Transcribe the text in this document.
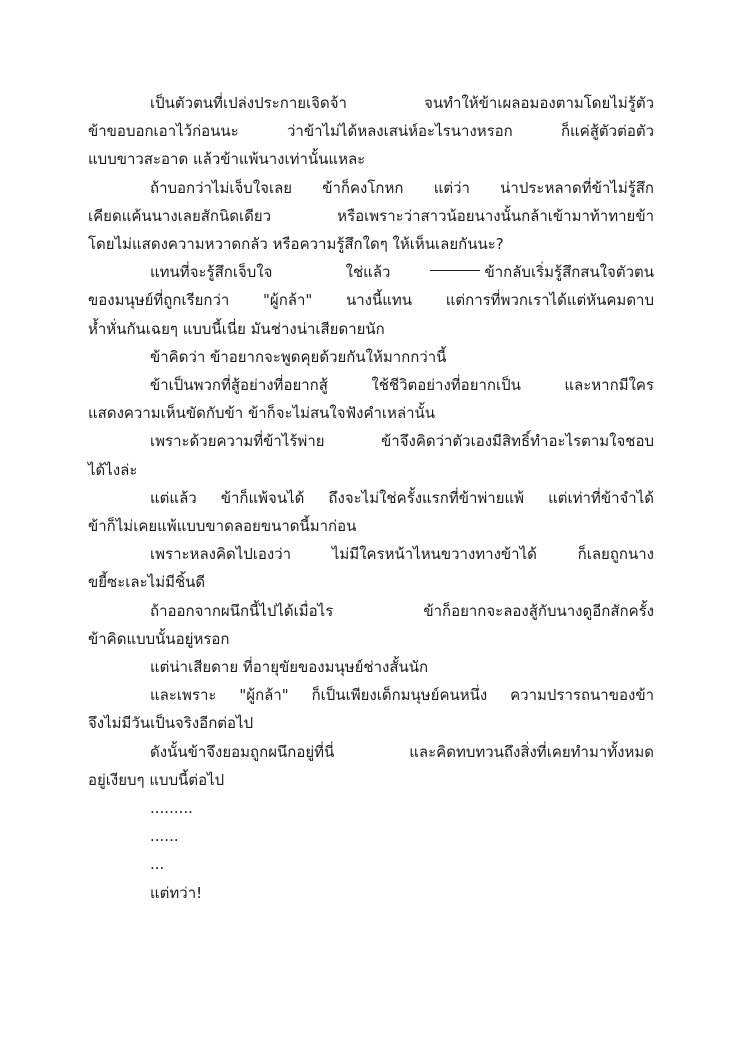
เป็นตัวตนที่เปล่งประกายเจิดจ้า จนทำให้ข้าเผลอมองตามโดยไม่รู้ตัว
ข้าขอบอกเอาไว้ก่อนนะ ว่าข้าไม่ได้หลงเสน่ห์อะไรนางหรอก ก็แค่สู้ตัวต่อตัว
แบบขาวสะอาด แล้วข้าแพ้นางเท่านั้นแหละ

ถ้าบอกว่าไม่เจ็บใจเลย ข้าก็คงโกหก แต่ว่า น่าประหลาดที่ข้าไม่รู้สึก
เคียดแค้นนางเลยสักนิดเดียว หรือเพราะว่าสาวน้อยนางนั้นกล้าเข้ามาท้าทายข้า
โดยไม่แสดงความหวาดกลัว หรือความรู้สึกใดๆ ให้เห็นเลยกันนะ?

แทนที่จะรู้สึกเจ็บใจ ใช่แล้ว	ข้ากลับเริ่มรู้สึกสนใจตัวตน
ของมนุษย์ที่ถูกเรียกว่า "ผู้กล้า" นางนี้แทน แต่การที่พวกเราได้แต่หันคมดาบ
ห้ำหั่นกันเฉยๆ แบบนี้เนี่ย มันช่างน่าเสียดายนัก

ข้าคิดว่า ข้าอยากจะพูดคุยด้วยกันให้มากกว่านี้

ข้าเป็นพวกที่สู้อย่างที่อยากสู้ ใช้ชีวิตอย่างที่อยากเป็น และหากมีใคร
แสดงความเห็นขัดกับข้า ข้าก็จะไม่สนใจฟังคำเหล่านั้น

เพราะด้วยความที่ข้าไร้พ่าย ข้าจึงคิดว่าตัวเองมีสิทธิ์ทำอะไรตามใจชอบ
ได้ไงล่ะ

แต่แล้ว ข้าก็แพ้จนได้ ถึงจะไม่ใช่ครั้งแรกที่ข้าพ่ายแพ้ แต่เท่าที่ข้าจำได้
ข้าก็ไม่เคยแพ้แบบขาดลอยขนาดนี้มาก่อน

เพราะหลงคิดไปเองว่า ไม่มีใครหน้าไหนขวางทางข้าได้ ก็เลยถูกนาง
ขยี้ซะเละไม่มีชิ้นดี

ถ้าออกจากผนึกนี้ไปได้เมื่อไร ข้าก็อยากจะลองสู้กับนางดูอีกสักครั้ง
ข้าคิดแบบนั้นอยู่หรอก

แต่น่าเสียดาย ที่อายุขัยของมนุษย์ช่างสั้นนัก

และเพราะ "ผู้กล้า" ก็เป็นเพียงเด็กมนุษย์คนหนึ่ง ความปรารถนาของข้า
จึงไม่มีวันเป็นจริงอีกต่อไป

ดังนั้นข้าจึงยอมถูกผนึกอยู่ที่นี่ และคิดทบทวนถึงสิ่งที่เคยทำมาทั้งหมด
อยู่เงียบๆ แบบนี้ต่อไป

.........

......

...

แต่ทว่า!
